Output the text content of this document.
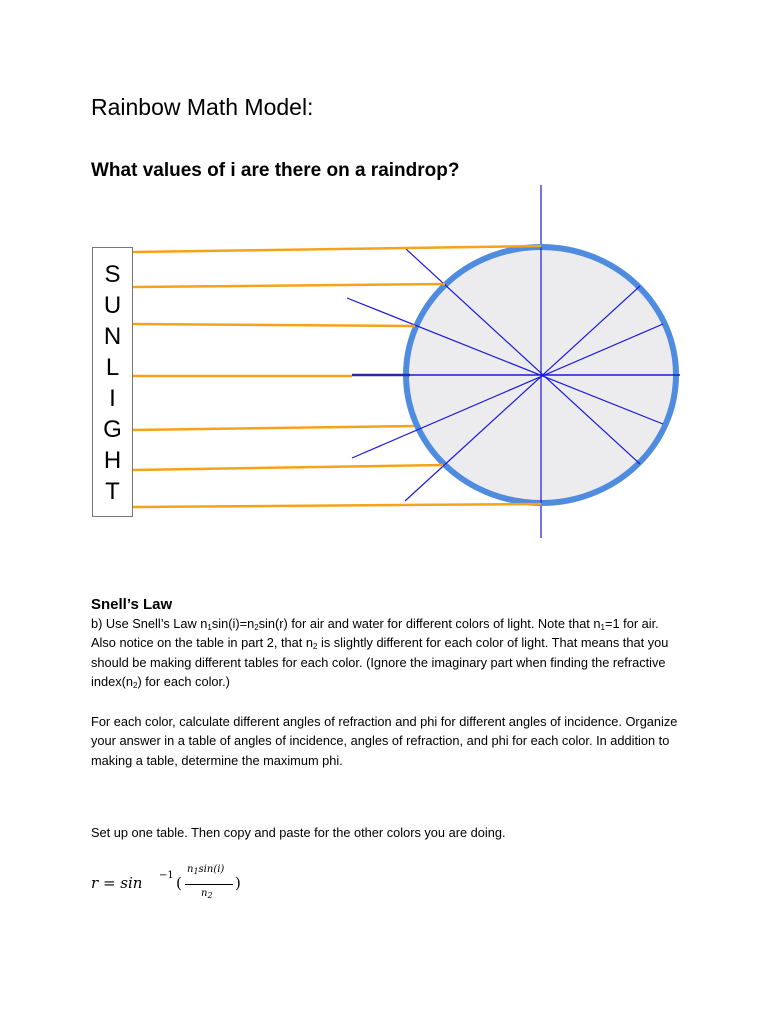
Rainbow Math Model:
What values of i are there on a raindrop?
S
U
N
L
I
G
H
T
Snell’s Law
b) Use Snell’s Law $n_1\sin(i)=n_2\sin(r)$ for air and water for different colors of light. Note that $n_1=1$ for air. Also notice on the table in part 2, that $n_2$ is slightly different for each color of light. That means that you should be making different tables for each color. (Ignore the imaginary part when finding the refractive $index(n_2)$ for each color.)
For each color, calculate different angles of refraction and phi for different angles of incidence. Organize your answer in a table of angles of incidence, angles of refraction, and phi for each color. In addition to making a table, determine the maximum phi.
Set up one table. Then copy and paste for the other colors you are doing.
r = sin −1 (
$n_1\sin(i)$
$n_2$
)
